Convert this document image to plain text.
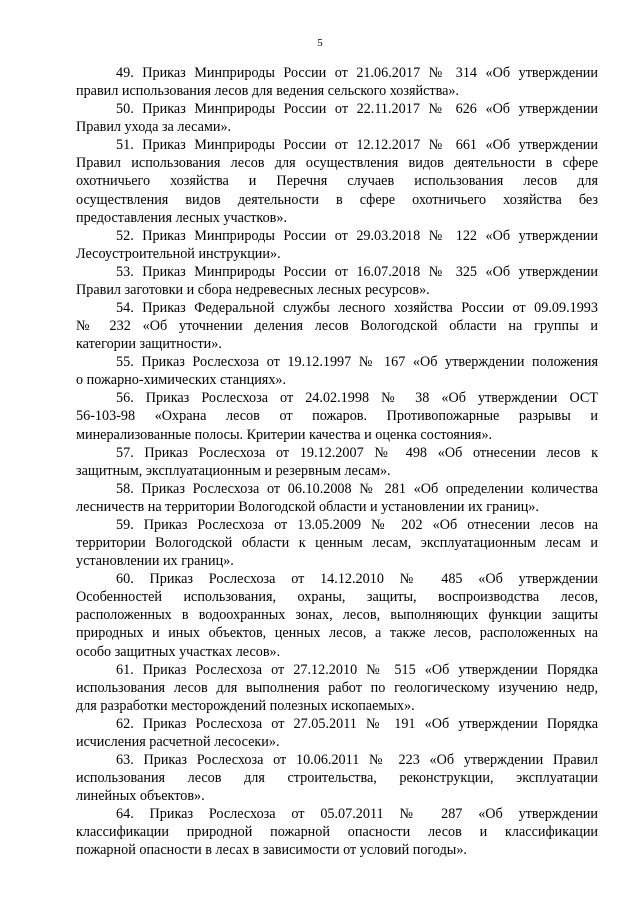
5
49. Приказ Минприроды России от 21.06.2017 № 314 «Об утверждении
правил использования лесов для ведения сельского хозяйства».
50. Приказ Минприроды России от 22.11.2017 № 626 «Об утверждении
Правил ухода за лесами».
51. Приказ Минприроды России от 12.12.2017 № 661 «Об утверждении
Правил использования лесов для осуществления видов деятельности в сфере
охотничьего хозяйства и Перечня случаев использования лесов для
осуществления видов деятельности в сфере охотничьего хозяйства без
предоставления лесных участков».
52. Приказ Минприроды России от 29.03.2018 № 122 «Об утверждении
Лесоустроительной инструкции».
53. Приказ Минприроды России от 16.07.2018 № 325 «Об утверждении
Правил заготовки и сбора недревесных лесных ресурсов».
54. Приказ Федеральной службы лесного хозяйства России от 09.09.1993
№ 232 «Об уточнении деления лесов Вологодской области на группы и
категории защитности».
55. Приказ Рослесхоза от 19.12.1997 № 167 «Об утверждении положения
о пожарно-химических станциях».
56. Приказ Рослесхоза от 24.02.1998 № 38 «Об утверждении ОСТ
56-103-98 «Охрана лесов от пожаров. Противопожарные разрывы и
минерализованные полосы. Критерии качества и оценка состояния».
57. Приказ Рослесхоза от 19.12.2007 № 498 «Об отнесении лесов к
защитным, эксплуатационным и резервным лесам».
58. Приказ Рослесхоза от 06.10.2008 № 281 «Об определении количества
лесничеств на территории Вологодской области и установлении их границ».
59. Приказ Рослесхоза от 13.05.2009 № 202 «Об отнесении лесов на
территории Вологодской области к ценным лесам, эксплуатационным лесам и
установлении их границ».
60. Приказ Рослесхоза от 14.12.2010 № 485 «Об утверждении
Особенностей использования, охраны, защиты, воспроизводства лесов,
расположенных в водоохранных зонах, лесов, выполняющих функции защиты
природных и иных объектов, ценных лесов, а также лесов, расположенных на
особо защитных участках лесов».
61. Приказ Рослесхоза от 27.12.2010 № 515 «Об утверждении Порядка
использования лесов для выполнения работ по геологическому изучению недр,
для разработки месторождений полезных ископаемых».
62. Приказ Рослесхоза от 27.05.2011 № 191 «Об утверждении Порядка
исчисления расчетной лесосеки».
63. Приказ Рослесхоза от 10.06.2011 № 223 «Об утверждении Правил
использования лесов для строительства, реконструкции, эксплуатации
линейных объектов».
64. Приказ Рослесхоза от 05.07.2011 № 287 «Об утверждении
классификации природной пожарной опасности лесов и классификации
пожарной опасности в лесах в зависимости от условий погоды».
